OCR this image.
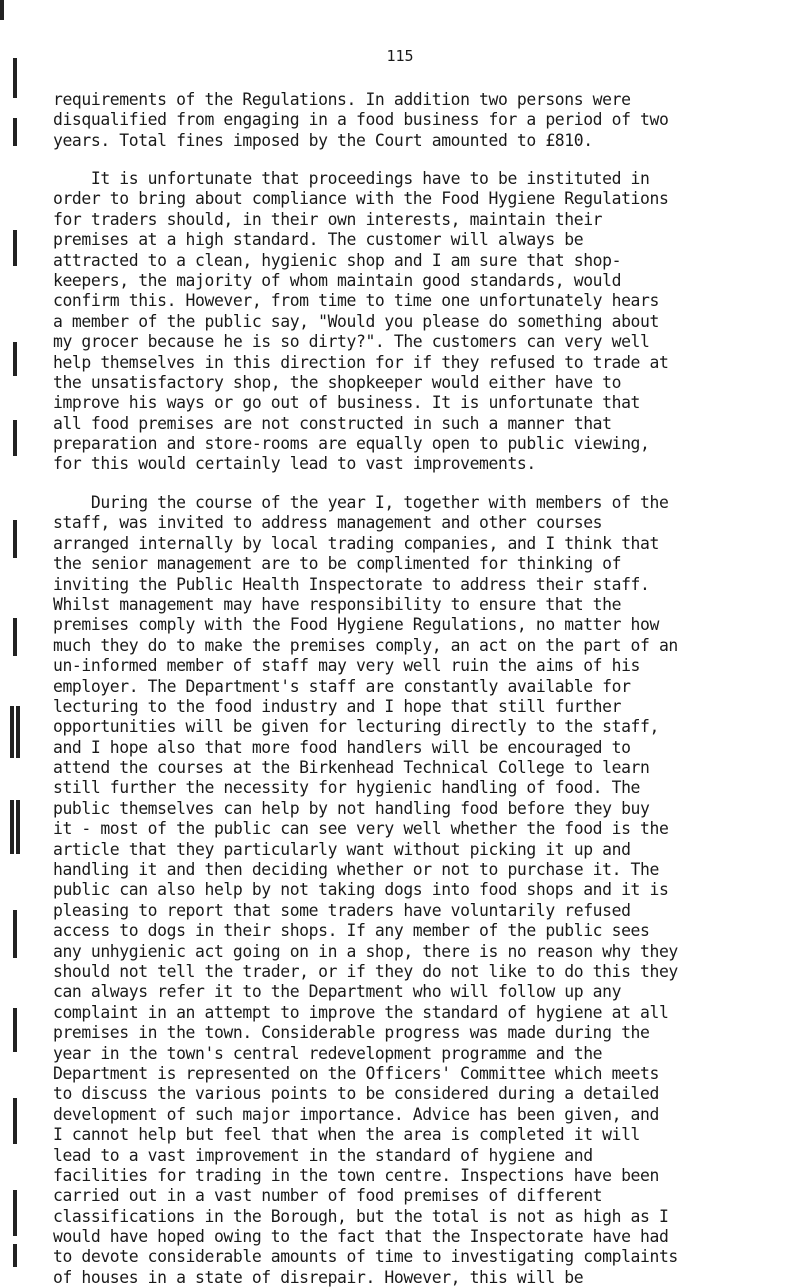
115
requirements of the Regulations. In addition two persons were
disqualified from engaging in a food business for a period of two
years. Total fines imposed by the Court amounted to £810.
It is unfortunate that proceedings have to be instituted in
order to bring about compliance with the Food Hygiene Regulations
for traders should, in their own interests, maintain their
premises at a high standard. The customer will always be
attracted to a clean, hygienic shop and I am sure that shop-
keepers, the majority of whom maintain good standards, would
confirm this. However, from time to time one unfortunately hears
a member of the public say, "Would you please do something about
my grocer because he is so dirty?". The customers can very well
help themselves in this direction for if they refused to trade at
the unsatisfactory shop, the shopkeeper would either have to
improve his ways or go out of business. It is unfortunate that
all food premises are not constructed in such a manner that
preparation and store-rooms are equally open to public viewing,
for this would certainly lead to vast improvements.
During the course of the year I, together with members of the
staff, was invited to address management and other courses
arranged internally by local trading companies, and I think that
the senior management are to be complimented for thinking of
inviting the Public Health Inspectorate to address their staff.
Whilst management may have responsibility to ensure that the
premises comply with the Food Hygiene Regulations, no matter how
much they do to make the premises comply, an act on the part of an
un-informed member of staff may very well ruin the aims of his
employer. The Department's staff are constantly available for
lecturing to the food industry and I hope that still further
opportunities will be given for lecturing directly to the staff,
and I hope also that more food handlers will be encouraged to
attend the courses at the Birkenhead Technical College to learn
still further the necessity for hygienic handling of food. The
public themselves can help by not handling food before they buy
it - most of the public can see very well whether the food is the
article that they particularly want without picking it up and
handling it and then deciding whether or not to purchase it. The
public can also help by not taking dogs into food shops and it is
pleasing to report that some traders have voluntarily refused
access to dogs in their shops. If any member of the public sees
any unhygienic act going on in a shop, there is no reason why they
should not tell the trader, or if they do not like to do this they
can always refer it to the Department who will follow up any
complaint in an attempt to improve the standard of hygiene at all
premises in the town. Considerable progress was made during the
year in the town's central redevelopment programme and the
Department is represented on the Officers' Committee which meets
to discuss the various points to be considered during a detailed
development of such major importance. Advice has been given, and
I cannot help but feel that when the area is completed it will
lead to a vast improvement in the standard of hygiene and
facilities for trading in the town centre. Inspections have been
carried out in a vast number of food premises of different
classifications in the Borough, but the total is not as high as I
would have hoped owing to the fact that the Inspectorate have had
to devote considerable amounts of time to investigating complaints
of houses in a state of disrepair. However, this will be
